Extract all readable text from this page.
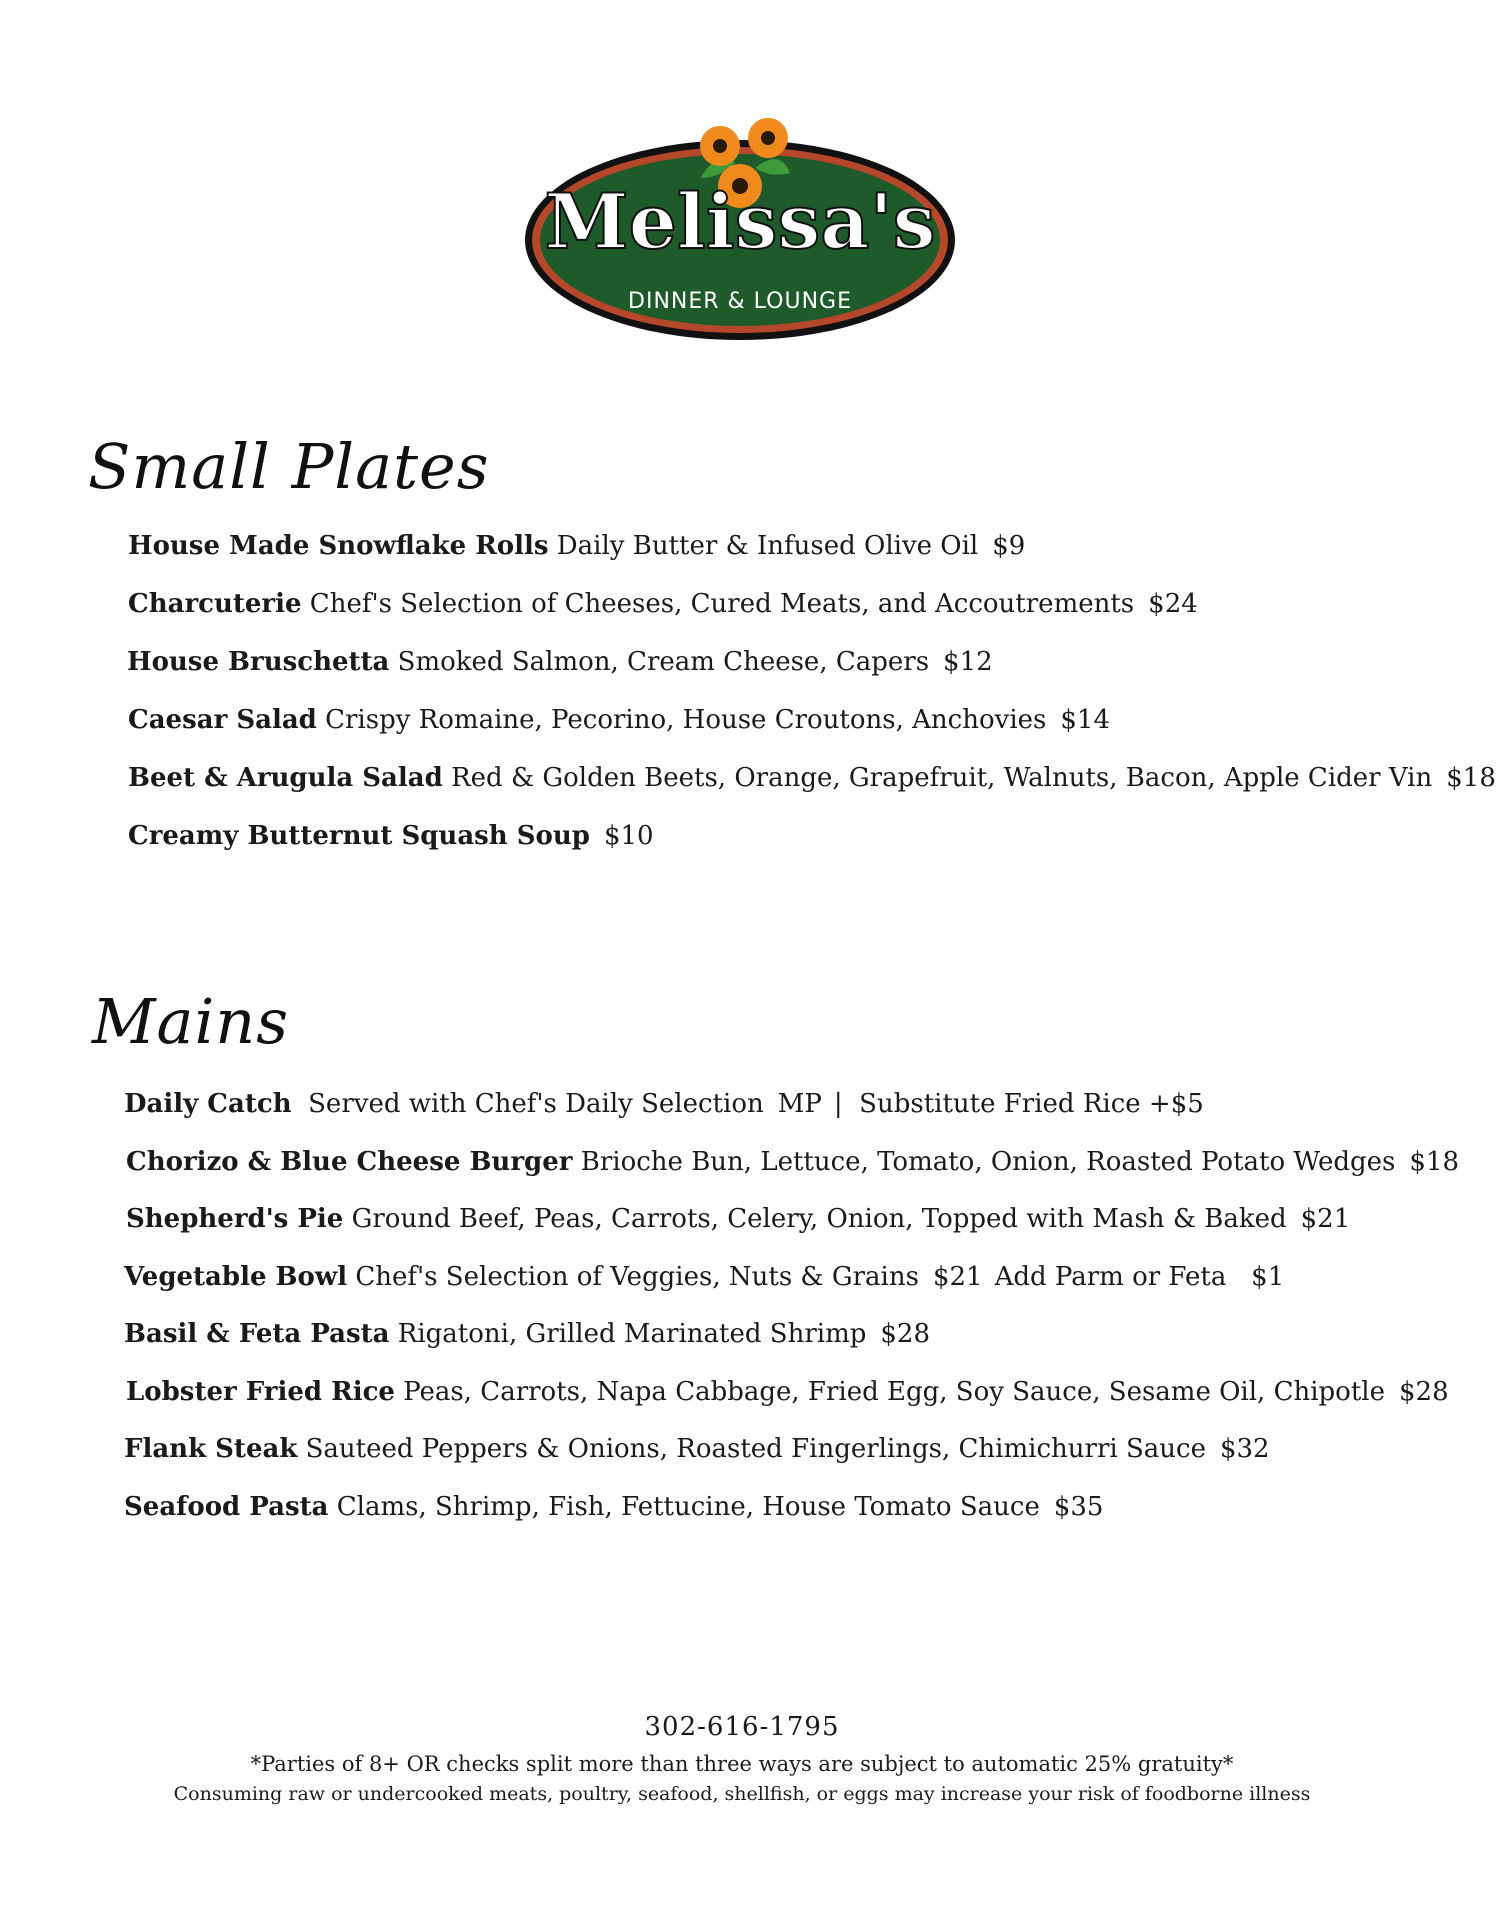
Melissa's
DINNER & LOUNGE
Small Plates
House Made Snowflake Rolls Daily Butter & Infused Olive Oil $9
Charcuterie Chef's Selection of Cheeses, Cured Meats, and Accoutrements $24
House Bruschetta Smoked Salmon, Cream Cheese, Capers $12
Caesar Salad Crispy Romaine, Pecorino, House Croutons, Anchovies $14
Beet & Arugula Salad Red & Golden Beets, Orange, Grapefruit, Walnuts, Bacon, Apple Cider Vin $18
Creamy Butternut Squash Soup $10
Mains
Daily Catch  Served with Chef's Daily Selection MP |  Substitute Fried Rice +$5
Chorizo & Blue Cheese Burger Brioche Bun, Lettuce, Tomato, Onion, Roasted Potato Wedges $18
Shepherd's Pie Ground Beef, Peas, Carrots, Celery, Onion, Topped with Mash & Baked $21
Vegetable Bowl Chef's Selection of Veggies, Nuts & Grains $21 Add Parm or Feta   $1
Basil & Feta Pasta Rigatoni, Grilled Marinated Shrimp $28
Lobster Fried Rice Peas, Carrots, Napa Cabbage, Fried Egg, Soy Sauce, Sesame Oil, Chipotle $28
Flank Steak Sauteed Peppers & Onions, Roasted Fingerlings, Chimichurri Sauce $32
Seafood Pasta Clams, Shrimp, Fish, Fettucine, House Tomato Sauce $35
302-616-1795
*Parties of 8+ OR checks split more than three ways are subject to automatic 25% gratuity*
Consuming raw or undercooked meats, poultry, seafood, shellfish, or eggs may increase your risk of foodborne illness
